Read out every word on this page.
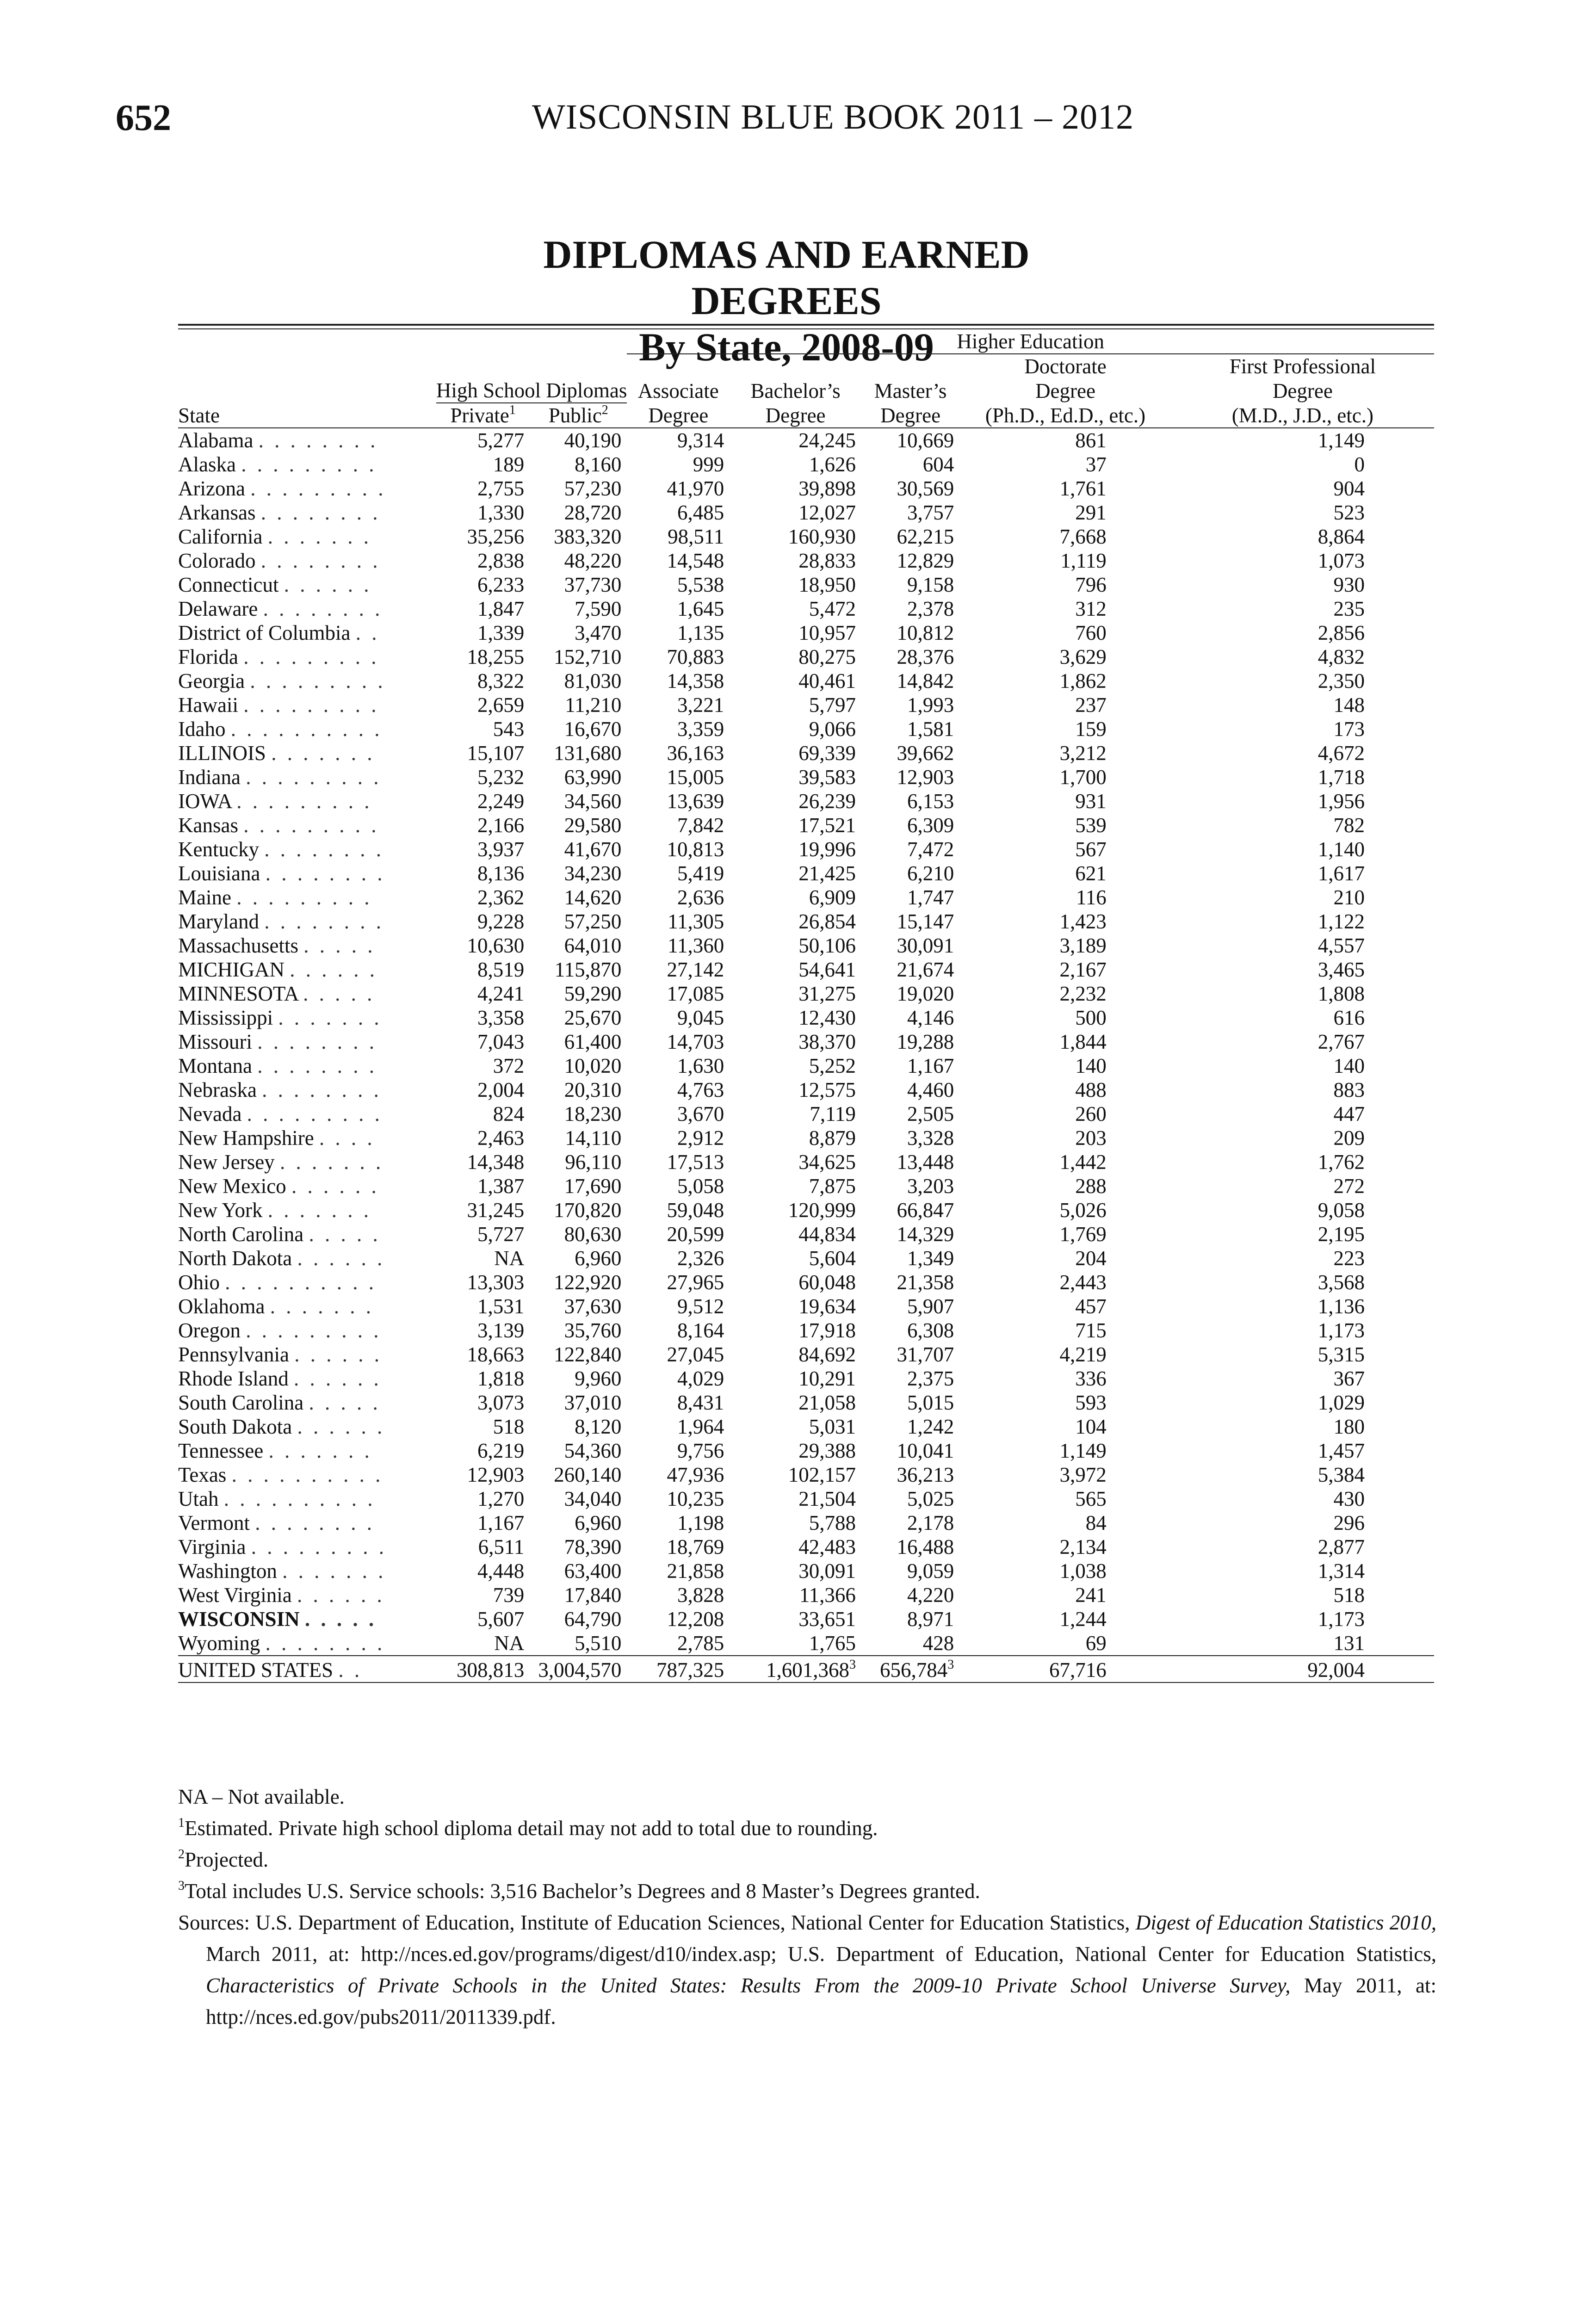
652	WISCONSIN BLUE BOOK 2011 – 2012
DIPLOMAS AND EARNED DEGREES
By State, 2008-09
			Higher Education				
						Doctorate	First Professional
	High School Diplomas		Associate	Bachelor’s	Master’s	Degree	Degree
State	Private$^1$	Public$^2$	Degree	Degree	Degree	(Ph.D., Ed.D., etc.)	(M.D., J.D., etc.)
Alabama . . . . . . . .	5,277	40,190	9,314	24,245	10,669	861	1,149
Alaska . . . . . . . . .	189	8,160	999	1,626	604	37	0
Arizona . . . . . . . . .	2,755	57,230	41,970	39,898	30,569	1,761	904
Arkansas . . . . . . . .	1,330	28,720	6,485	12,027	3,757	291	523
California . . . . . . .	35,256	383,320	98,511	160,930	62,215	7,668	8,864
Colorado . . . . . . . .	2,838	48,220	14,548	28,833	12,829	1,119	1,073
Connecticut . . . . . .	6,233	37,730	5,538	18,950	9,158	796	930
Delaware . . . . . . . .	1,847	7,590	1,645	5,472	2,378	312	235
District of Columbia . .	1,339	3,470	1,135	10,957	10,812	760	2,856
Florida . . . . . . . . .	18,255	152,710	70,883	80,275	28,376	3,629	4,832
Georgia . . . . . . . . .	8,322	81,030	14,358	40,461	14,842	1,862	2,350
Hawaii . . . . . . . . .	2,659	11,210	3,221	5,797	1,993	237	148
Idaho . . . . . . . . . .	543	16,670	3,359	9,066	1,581	159	173
ILLINOIS . . . . . . .	15,107	131,680	36,163	69,339	39,662	3,212	4,672
Indiana . . . . . . . . .	5,232	63,990	15,005	39,583	12,903	1,700	1,718
IOWA . . . . . . . . .	2,249	34,560	13,639	26,239	6,153	931	1,956
Kansas . . . . . . . . .	2,166	29,580	7,842	17,521	6,309	539	782
Kentucky . . . . . . . .	3,937	41,670	10,813	19,996	7,472	567	1,140
Louisiana . . . . . . . .	8,136	34,230	5,419	21,425	6,210	621	1,617
Maine . . . . . . . . .	2,362	14,620	2,636	6,909	1,747	116	210
Maryland . . . . . . . .	9,228	57,250	11,305	26,854	15,147	1,423	1,122
Massachusetts . . . . .	10,630	64,010	11,360	50,106	30,091	3,189	4,557
MICHIGAN . . . . . .	8,519	115,870	27,142	54,641	21,674	2,167	3,465
MINNESOTA . . . . .	4,241	59,290	17,085	31,275	19,020	2,232	1,808
Mississippi . . . . . . .	3,358	25,670	9,045	12,430	4,146	500	616
Missouri . . . . . . . .	7,043	61,400	14,703	38,370	19,288	1,844	2,767
Montana . . . . . . . .	372	10,020	1,630	5,252	1,167	140	140
Nebraska . . . . . . . .	2,004	20,310	4,763	12,575	4,460	488	883
Nevada . . . . . . . . .	824	18,230	3,670	7,119	2,505	260	447
New Hampshire . . . .	2,463	14,110	2,912	8,879	3,328	203	209
New Jersey . . . . . . .	14,348	96,110	17,513	34,625	13,448	1,442	1,762
New Mexico . . . . . .	1,387	17,690	5,058	7,875	3,203	288	272
New York . . . . . . .	31,245	170,820	59,048	120,999	66,847	5,026	9,058
North Carolina . . . . .	5,727	80,630	20,599	44,834	14,329	1,769	2,195
North Dakota . . . . . .	NA	6,960	2,326	5,604	1,349	204	223
Ohio . . . . . . . . . .	13,303	122,920	27,965	60,048	21,358	2,443	3,568
Oklahoma . . . . . . .	1,531	37,630	9,512	19,634	5,907	457	1,136
Oregon . . . . . . . . .	3,139	35,760	8,164	17,918	6,308	715	1,173
Pennsylvania . . . . . .	18,663	122,840	27,045	84,692	31,707	4,219	5,315
Rhode Island . . . . . .	1,818	9,960	4,029	10,291	2,375	336	367
South Carolina . . . . .	3,073	37,010	8,431	21,058	5,015	593	1,029
South Dakota . . . . . .	518	8,120	1,964	5,031	1,242	104	180
Tennessee . . . . . . .	6,219	54,360	9,756	29,388	10,041	1,149	1,457
Texas . . . . . . . . . .	12,903	260,140	47,936	102,157	36,213	3,972	5,384
Utah . . . . . . . . . .	1,270	34,040	10,235	21,504	5,025	565	430
Vermont . . . . . . . .	1,167	6,960	1,198	5,788	2,178	84	296
Virginia . . . . . . . . .	6,511	78,390	18,769	42,483	16,488	2,134	2,877
Washington . . . . . . .	4,448	63,400	21,858	30,091	9,059	1,038	1,314
West Virginia . . . . . .	739	17,840	3,828	11,366	4,220	241	518
WISCONSIN . . . . .	5,607	64,790	12,208	33,651	8,971	1,244	1,173
Wyoming . . . . . . . .	NA	5,510	2,785	1,765	428	69	131
UNITED STATES . .	308,813	3,004,570	787,325	1,601,368$^3$	656,784$^3$	67,716	92,004

NA – Not available.

$^1$Estimated. Private high school diploma detail may not add to total due to rounding.

$^2$Projected.

$^3$Total includes U.S. Service schools: 3,516 Bachelor’s Degrees and 8 Master’s Degrees granted.

Sources: U.S. Department of Education, Institute of Education Sciences, National Center for Education Statistics, Digest of Education Statistics 2010, March 2011, at: http://nces.ed.gov/programs/digest/d10/index.asp; U.S. Department of Education, National Center for Education Statistics, Characteristics of Private Schools in the United States: Results From the 2009-10 Private School Universe Survey, May 2011, at: http://nces.ed.gov/pubs2011/2011339.pdf.
